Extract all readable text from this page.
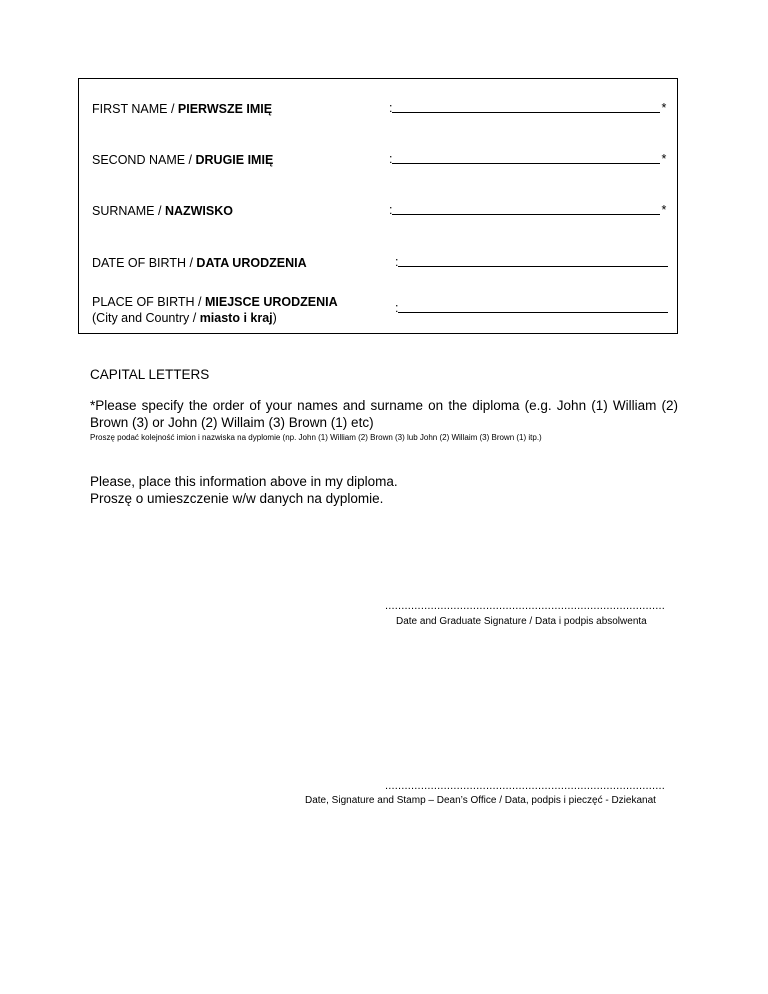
FIRST NAME / PIERWSZE IMIĘ	:	*
SECOND NAME / DRUGIE IMIĘ	:	*
SURNAME / NAZWISKO	:	*
DATE OF BIRTH / DATA URODZENIA	:
PLACE OF BIRTH / MIEJSCE URODZENIA
(City and Country / miasto i kraj)
:
CAPITAL LETTERS
*Please specify the order of your names and surname on the diploma (e.g. John (1) William (2) Brown (3) or John (2) Willaim (3) Brown (1) etc)
Proszę podać kolejność imion i nazwiska na dyplomie (np. John (1) William (2) Brown (3) lub John (2) Willaim (3) Brown (1) itp.)
Please, place this information above in my diploma.
Proszę o umieszczenie w/w danych na dyplomie.
......................................................................................
Date and Graduate Signature / Data i podpis absolwenta
......................................................................................
Date, Signature and Stamp – Dean’s Office / Data, podpis i pieczęć - Dziekanat
